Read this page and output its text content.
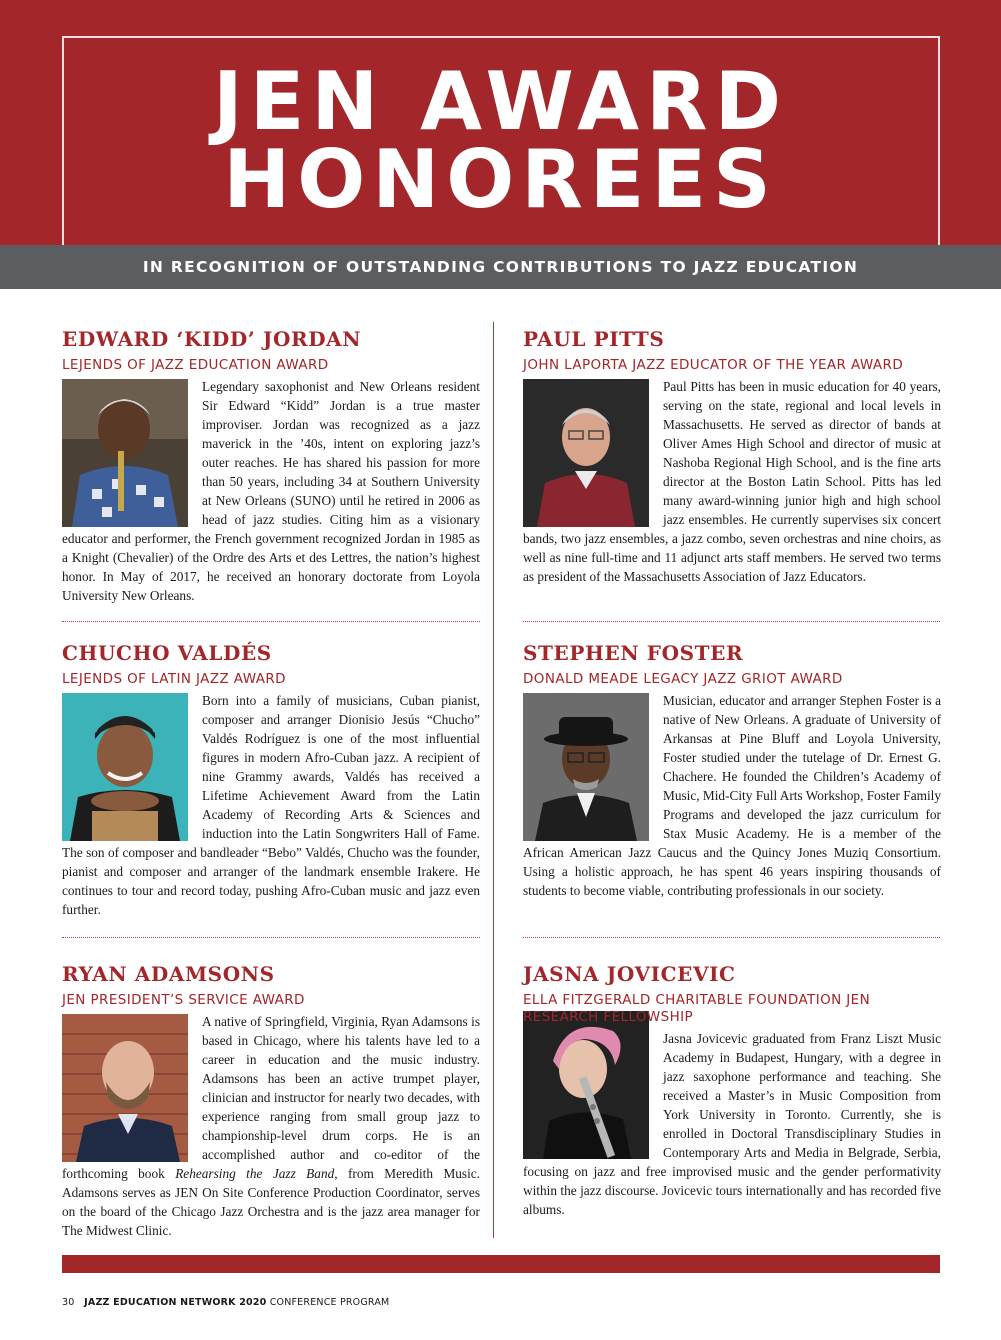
JEN AWARD
HONOREES
IN RECOGNITION OF OUTSTANDING CONTRIBUTIONS TO JAZZ EDUCATION
EDWARD ‘KIDD’ JORDAN
LEJENDS OF JAZZ EDUCATION AWARD
Legendary saxophonist and New Orleans resident Sir Edward “Kidd” Jordan is a true master improviser. Jordan was recognized as a jazz maverick in the ’40s, intent on exploring jazz’s outer reaches. He has shared his passion for more than 50 years, including 34 at Southern University at New Orleans (SUNO) until he retired in 2006 as head of jazz studies. Citing him as a visionary educator and performer, the French government recognized Jordan in 1985 as a Knight (Chevalier) of the Ordre des Arts et des Lettres, the nation’s highest honor. In May of 2017, he received an honorary doctorate from Loyola University New Orleans.
PAUL PITTS
JOHN LAPORTA JAZZ EDUCATOR OF THE YEAR AWARD
Paul Pitts has been in music education for 40 years, serving on the state, regional and local levels in Massachusetts. He served as director of bands at Oliver Ames High School and director of music at Nashoba Regional High School, and is the fine arts director at the Boston Latin School. Pitts has led many award-winning junior high and high school jazz ensembles. He currently supervises six concert bands, two jazz ensembles, a jazz combo, seven orchestras and nine choirs, as well as nine full-time and 11 adjunct arts staff members. He served two terms as president of the Massachusetts Association of Jazz Educators.
CHUCHO VALDÉS
LEJENDS OF LATIN JAZZ AWARD
Born into a family of musicians, Cuban pianist, composer and arranger Dionisio Jesús “Chucho” Valdés Rodríguez is one of the most influential figures in modern Afro-Cuban jazz. A recipient of nine Grammy awards, Valdés has received a Lifetime Achievement Award from the Latin Academy of Recording Arts & Sciences and induction into the Latin Songwriters Hall of Fame. The son of composer and bandleader “Bebo” Valdés, Chucho was the founder, pianist and composer and arranger of the landmark ensemble Irakere. He continues to tour and record today, pushing Afro-Cuban music and jazz even further.
STEPHEN FOSTER
DONALD MEADE LEGACY JAZZ GRIOT AWARD
Musician, educator and arranger Stephen Foster is a native of New Orleans. A graduate of University of Arkansas at Pine Bluff and Loyola University, Foster studied under the tutelage of Dr. Ernest G. Chachere. He founded the Children’s Academy of Music, Mid-City Full Arts Workshop, Foster Family Programs and developed the jazz curriculum for Stax Music Academy. He is a member of the African American Jazz Caucus and the Quincy Jones Muziq Consortium. Using a holistic approach, he has spent 46 years inspiring thousands of students to become viable, contributing professionals in our society.
RYAN ADAMSONS
JEN PRESIDENT’S SERVICE AWARD
A native of Springfield, Virginia, Ryan Adamsons is based in Chicago, where his talents have led to a career in education and the music industry. Adamsons has been an active trumpet player, clinician and instructor for nearly two decades, with experience ranging from small group jazz to championship-level drum corps. He is an accomplished author and co-editor of the forthcoming book Rehearsing the Jazz Band, from Meredith Music. Adamsons serves as JEN On Site Conference Production Coordinator, serves on the board of the Chicago Jazz Orchestra and is the jazz area manager for The Midwest Clinic.
JASNA JOVICEVIC
ELLA FITZGERALD CHARITABLE FOUNDATION JEN RESEARCH FELLOWSHIP
Jasna Jovicevic graduated from Franz Liszt Music Academy in Budapest, Hungary, with a degree in jazz saxophone performance and teaching. She received a Master’s in Music Composition from York University in Toronto. Currently, she is enrolled in Doctoral Transdisciplinary Studies in Contemporary Arts and Media in Belgrade, Serbia, focusing on jazz and free improvised music and the gender performativity within the jazz discourse. Jovicevic tours internationally and has recorded five albums.
30 JAZZ EDUCATION NETWORK 2020 CONFERENCE PROGRAM
